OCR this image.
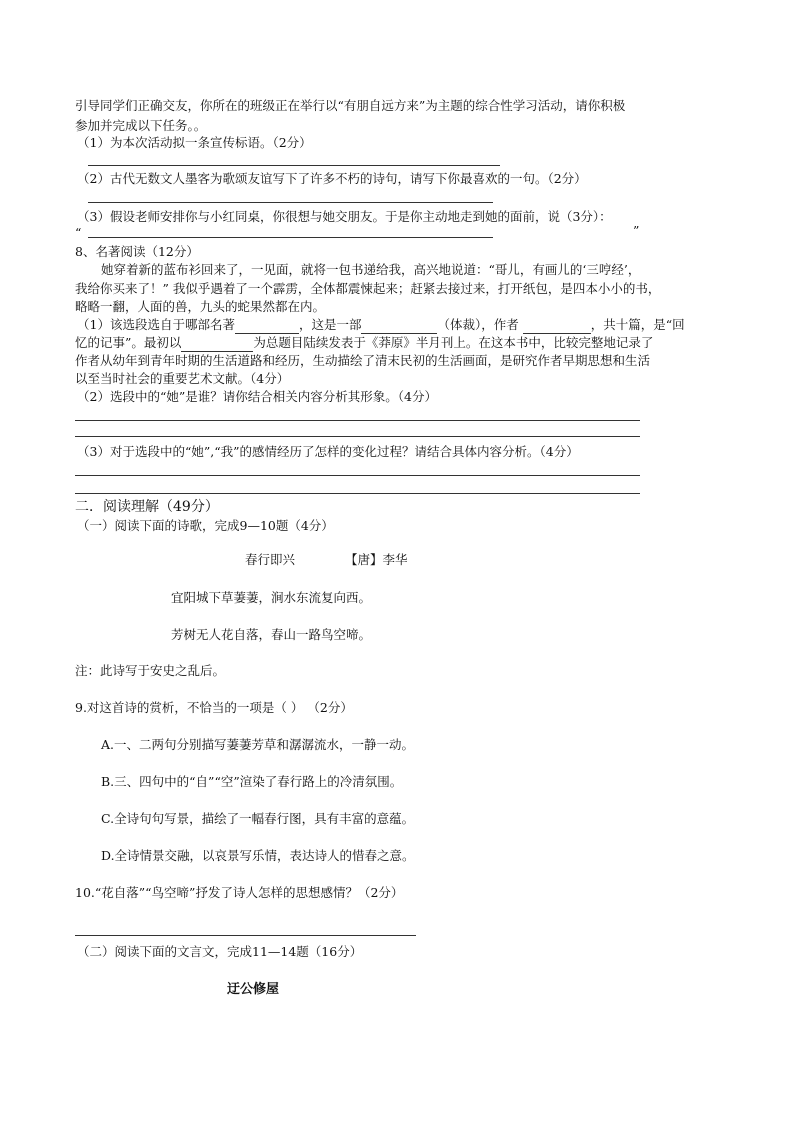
引导同学们正确交友，你所在的班级正在举行以“有朋自远方来”为主题的综合性学习活动，请你积极
参加并完成以下任务。。
（1）为本次活动拟一条宣传标语。（2分）
（2）古代无数文人墨客为歌颂友谊写下了许多不朽的诗句，请写下你最喜欢的一句。（2分）
（3）假设老师安排你与小红同桌，你很想与她交朋友。于是你主动地走到她的面前，说（3分）：
“	”
8、名著阅读（12分）
她穿着新的蓝布衫回来了，一见面，就将一包书递给我，高兴地说道：“哥儿，有画儿的‘三哼经’，
我给你买来了！” 我似乎遇着了一个霹雳，全体都震悚起来；赶紧去接过来，打开纸包，是四本小小的书，
略略一翻，人面的兽，九头的蛇果然都在内。
（1）该选段选自于哪部名著	，这是一部	（体裁），作者	，共十篇，是“回
忆的记事”。最初以	为总题目陆续发表于《莽原》半月刊上。在这本书中，比较完整地记录了
作者从幼年到青年时期的生活道路和经历，生动描绘了清末民初的生活画面，是研究作者早期思想和生活
以至当时社会的重要艺术文献。（4分）
（2）选段中的“她”是谁？请你结合相关内容分析其形象。（4分）
（3）对于选段中的“她”,“我”的感情经历了怎样的变化过程？请结合具体内容分析。（4分）
二．阅读理解（49分）
（一）阅读下面的诗歌，完成9—10题（4分）
春行即兴	【唐】李华
宜阳城下草萋萋，涧水东流复向西。
芳树无人花自落，春山一路鸟空啼。
注：此诗写于安史之乱后。
9.对这首诗的赏析，不恰当的一项是（ ） （2分）
A.一、二两句分别描写萋萋芳草和潺潺流水，一静一动。
B.三、四句中的“自”“空”渲染了春行路上的冷清氛围。
C.全诗句句写景，描绘了一幅春行图，具有丰富的意蕴。
D.全诗情景交融，以哀景写乐情，表达诗人的惜春之意。
10.“花自落”“鸟空啼”抒发了诗人怎样的思想感情？（2分）
（二）阅读下面的文言文，完成11—14题（16分）
迂公修屋
